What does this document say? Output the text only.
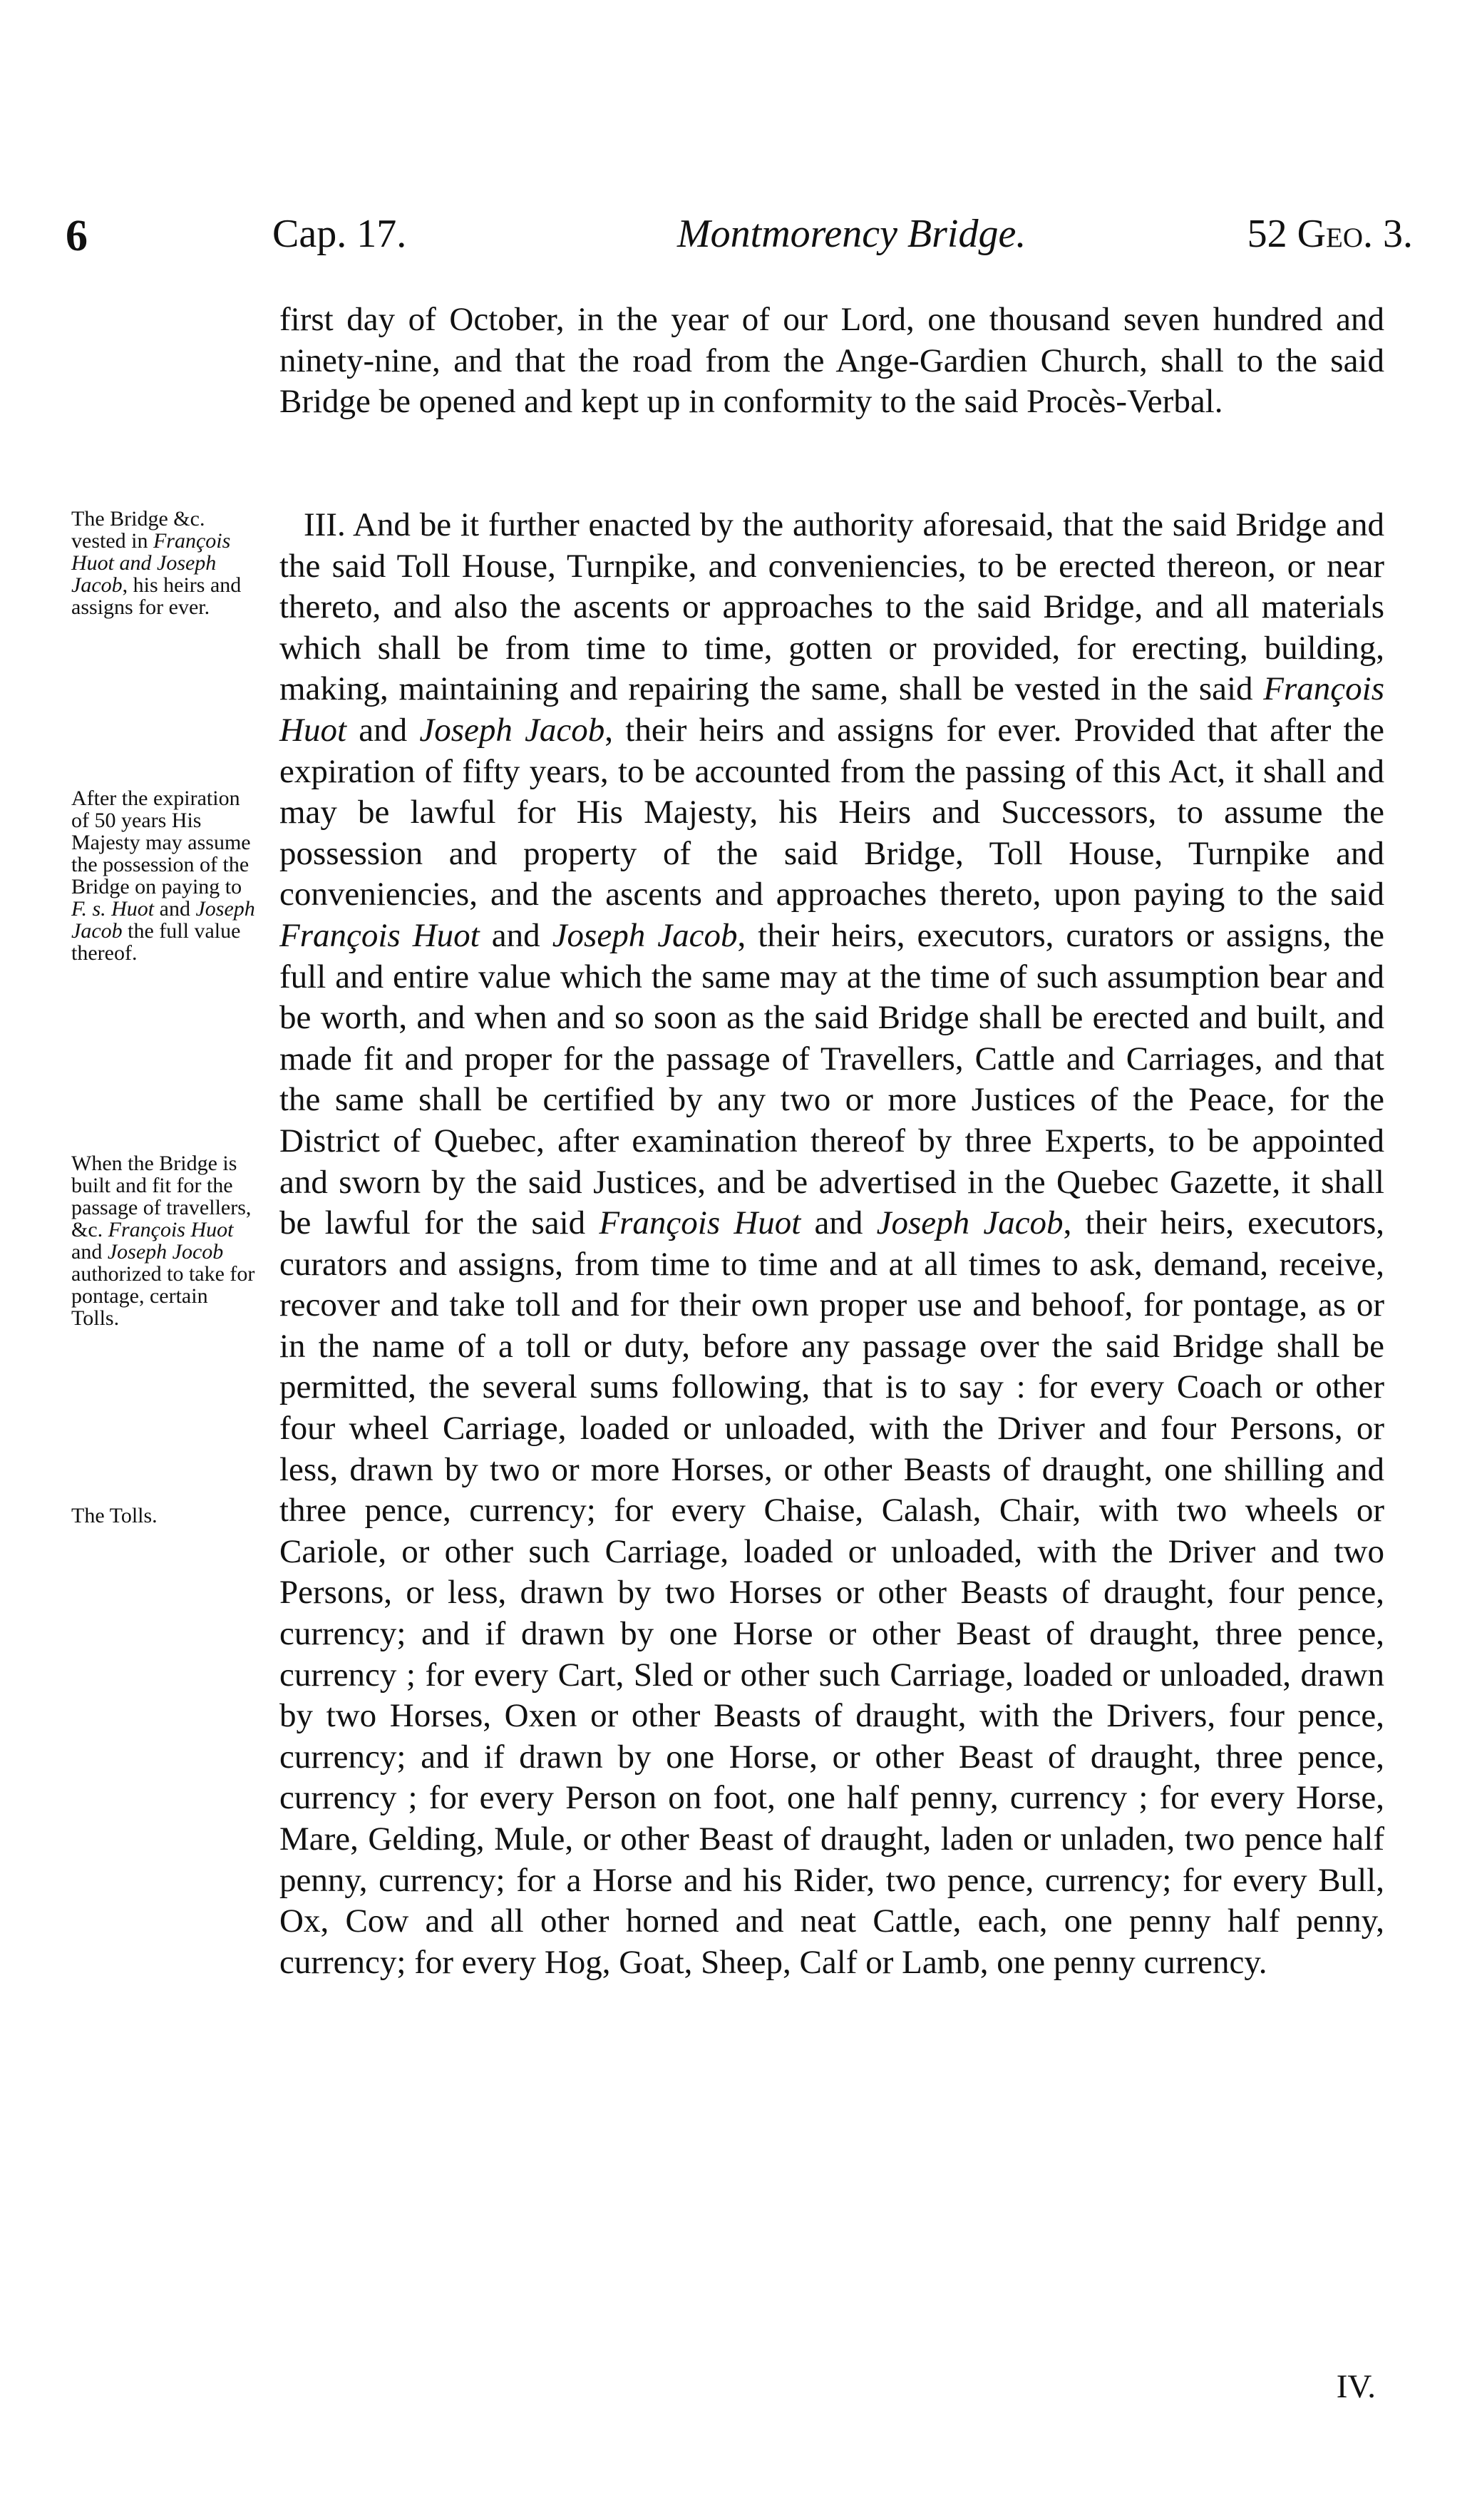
6	Cap. 17.	Montmorency Bridge.	52 Geo. 3.

first day of October, in the year of our Lord, one thousand seven hundred and ninety-nine, and that the road from the Ange-Gardien Church, shall to the said Bridge be opened and kept up in conformity to the said Procès-Verbal.

III. And be it further enacted by the authority aforesaid, that the said Bridge and the said Toll House, Turnpike, and conveniencies, to be erected thereon, or near thereto, and also the ascents or approaches to the said Bridge, and all materials which shall be from time to time, gotten or provided, for erecting, building, making, maintaining and repairing the same, shall be vested in the said François Huot and Joseph Jacob, their heirs and assigns for ever. Provided that after the expiration of fifty years, to be accounted from the passing of this Act, it shall and may be lawful for His Majesty, his Heirs and Successors, to assume the possession and property of the said Bridge, Toll House, Turnpike and conveniencies, and the ascents and approaches thereto, upon paying to the said François Huot and Joseph Jacob, their heirs, executors, curators or assigns, the full and entire value which the same may at the time of such assumption bear and be worth, and when and so soon as the said Bridge shall be erected and built, and made fit and proper for the passage of Travellers, Cattle and Carriages, and that the same shall be certified by any two or more Justices of the Peace, for the District of Quebec, after examination thereof by three Experts, to be appointed and sworn by the said Justices, and be advertised in the Quebec Gazette, it shall be lawful for the said François Huot and Joseph Jacob, their heirs, executors, curators and assigns, from time to time and at all times to ask, demand, receive, recover and take toll and for their own proper use and behoof, for pontage, as or in the name of a toll or duty, before any passage over the said Bridge shall be permitted, the several sums following, that is to say : for every Coach or other four wheel Carriage, loaded or unloaded, with the Driver and four Persons, or less, drawn by two or more Horses, or other Beasts of draught, one shilling and three pence, currency; for every Chaise, Calash, Chair, with two wheels or Cariole, or other such Carriage, loaded or unloaded, with the Driver and two Persons, or less, drawn by two Horses or other Beasts of draught, four pence, currency; and if drawn by one Horse or other Beast of draught, three pence, currency ; for every Cart, Sled or other such Carriage, loaded or unloaded, drawn by two Horses, Oxen or other Beasts of draught, with the Drivers, four pence, currency; and if drawn by one Horse, or other Beast of draught, three pence, currency ; for every Person on foot, one half penny, currency ; for every Horse, Mare, Gelding, Mule, or other Beast of draught, laden or unladen, two pence half penny, currency; for a Horse and his Rider, two pence, currency; for every Bull, Ox, Cow and all other horned and neat Cattle, each, one penny half penny, currency; for every Hog, Goat, Sheep, Calf or Lamb, one penny currency.

The Bridge &c. vested in François Huot and Joseph Jacob, his heirs and assigns for ever.

After the expiration of 50 years His Majesty may assume the possession of the Bridge on paying to F. s. Huot and Joseph Jacob the full value thereof.

When the Bridge is built and fit for the passage of travellers, &c. François Huot and Joseph Jocob authorized to take for pontage, certain Tolls.

The Tolls.

IV.
